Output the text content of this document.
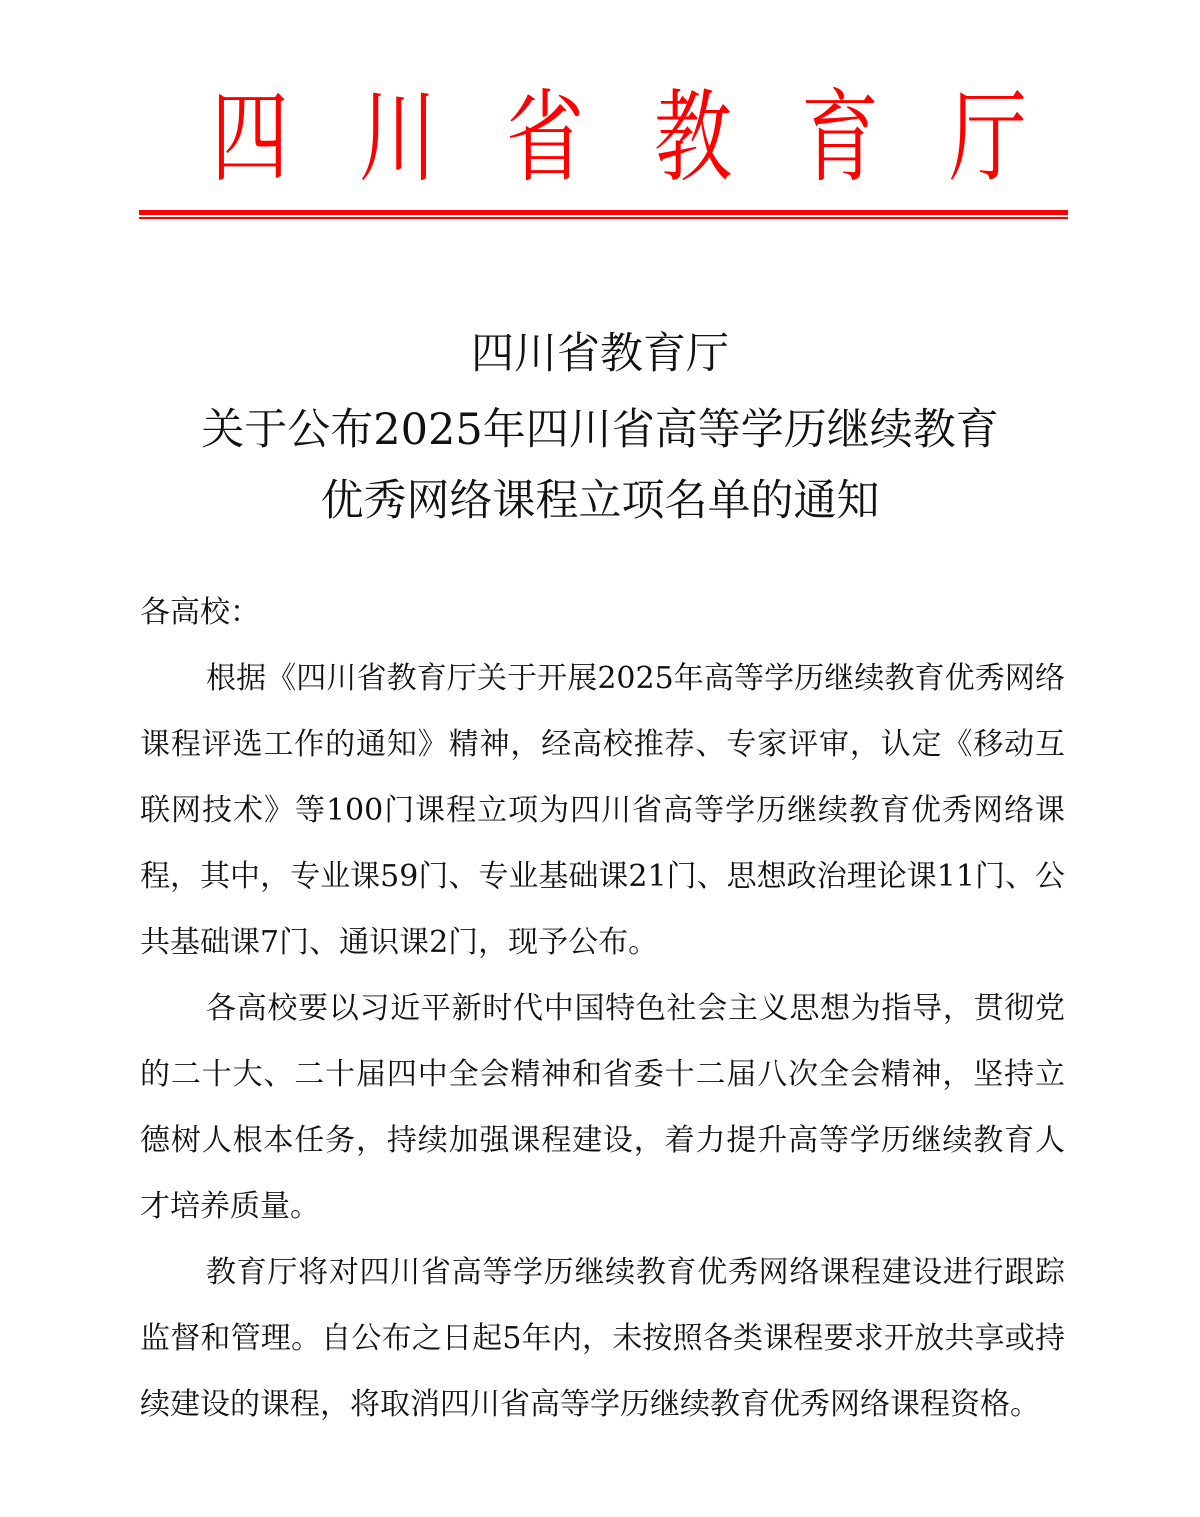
四 川 省 教 育 厅
四川省教育厅
关于公布2025年四川省高等学历继续教育
优秀网络课程立项名单的通知
各高校：
根据《四川省教育厅关于开展2025年高等学历继续教育优秀网络课程评选工作的通知》精神，经高校推荐、专家评审，认定《移动互联网技术》等100门课程立项为四川省高等学历继续教育优秀网络课程，其中，专业课59门、专业基础课21门、思想政治理论课11门、公共基础课7门、通识课2门，现予公布。
各高校要以习近平新时代中国特色社会主义思想为指导，贯彻党的二十大、二十届四中全会精神和省委十二届八次全会精神，坚持立德树人根本任务，持续加强课程建设，着力提升高等学历继续教育人才培养质量。
教育厅将对四川省高等学历继续教育优秀网络课程建设进行跟踪监督和管理。自公布之日起5年内，未按照各类课程要求开放共享或持续建设的课程，将取消四川省高等学历继续教育优秀网络课程资格。
